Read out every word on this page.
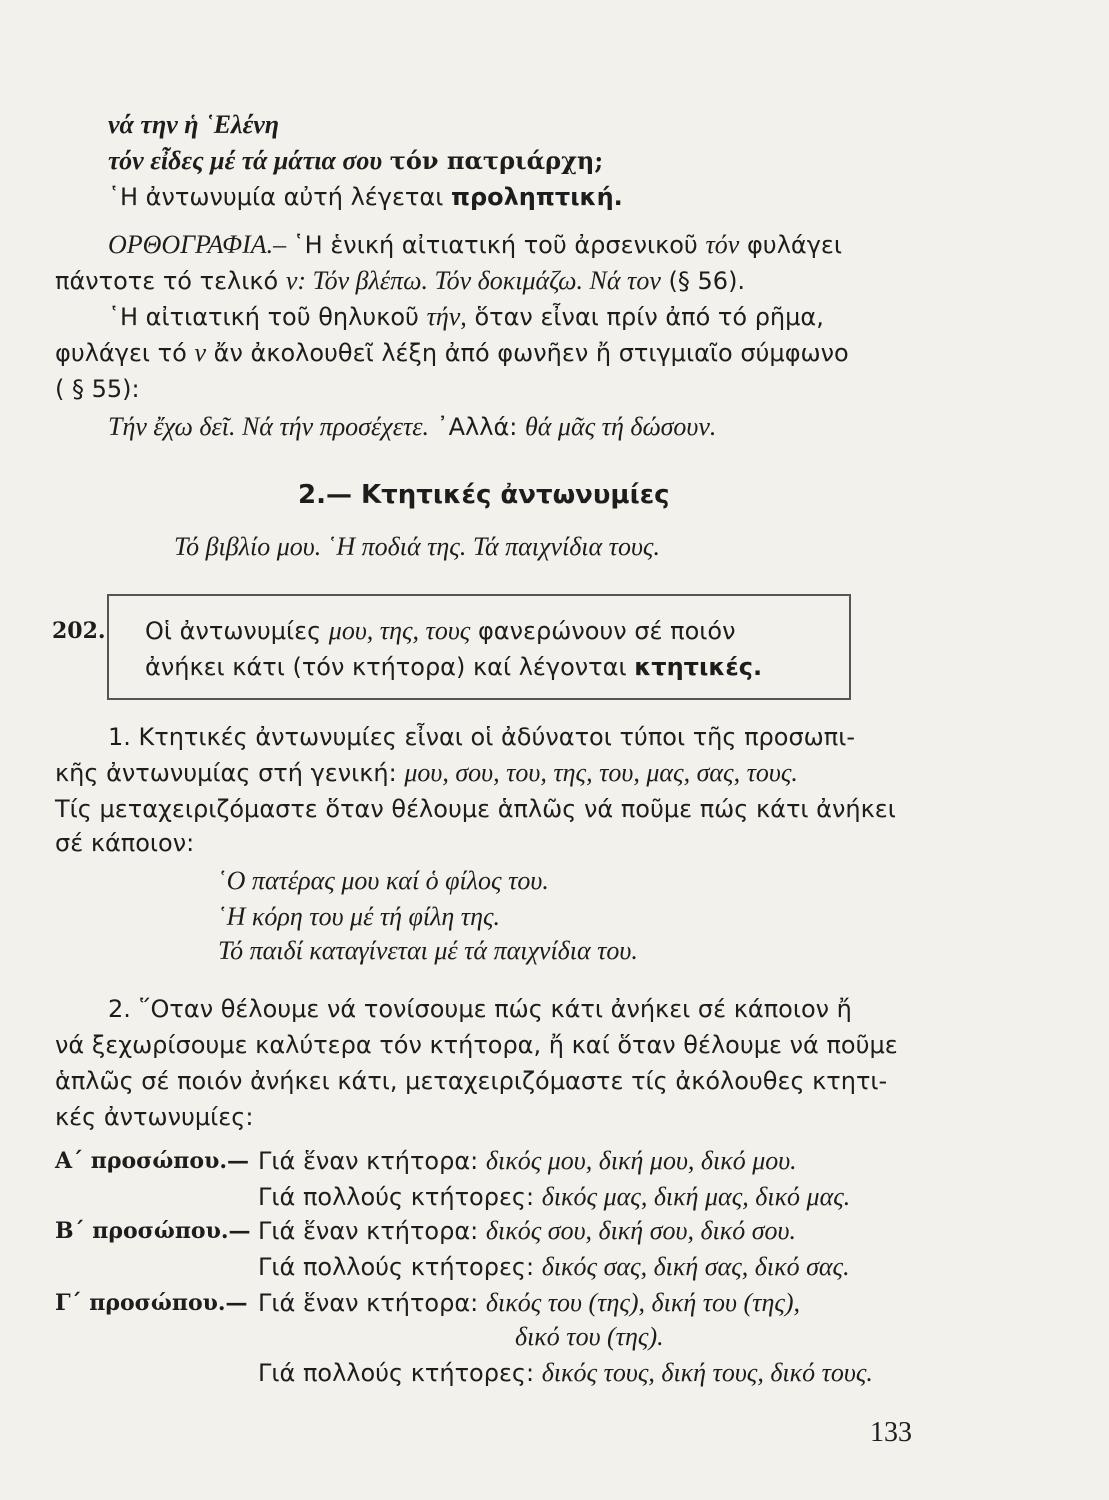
νά την ἡ ῾Ελένη
τόν εἶδες μέ τά μάτια σου τόν πατριάρχη;
῾Η ἀντωνυμία αὐτή λέγεται προληπτική.
ΟΡΘΟΓΡΑΦΙΑ.– ῾Η ἑνική αἰτιατική τοῦ ἀρσενικοῦ τόν φυλάγει
πάντοτε τό τελικό ν: Τόν βλέπω. Τόν δοκιμάζω. Νά τον (§ 56).
῾Η αἰτιατική τοῦ θηλυκοῦ τήν, ὅταν εἶναι πρίν ἀπό τό ρῆμα,
φυλάγει τό ν ἄν ἀκολουθεῖ λέξη ἀπό φωνῆεν ἤ στιγμιαῖο σύμφωνο
( § 55):
Τήν ἔχω δεῖ. Νά τήν προσέχετε. ᾿Αλλά: θά μᾶς τή δώσουν.
2.— Κτητικές ἀντωνυμίες
Τό βιβλίο μου. ῾Η ποδιά της. Τά παιχνίδια τους.
202. Οἱ ἀντωνυμίες μου, της, τους φανερώνουν σέ ποιόν
ἀνήκει κάτι (τόν κτήτορα) καί λέγονται κτητικές.
1. Κτητικές ἀντωνυμίες εἶναι οἱ ἀδύνατοι τύποι τῆς προσωπι-
κῆς ἀντωνυμίας στή γενική: μου, σου, του, της, του, μας, σας, τους.
Τίς μεταχειριζόμαστε ὅταν θέλουμε ἁπλῶς νά ποῦμε πώς κάτι ἀνήκει
σέ κάποιον:
῾Ο πατέρας μου καί ὁ φίλος του.
῾Η κόρη του μέ τή φίλη της.
Τό παιδί καταγίνεται μέ τά παιχνίδια του.
2. ῞Οταν θέλουμε νά τονίσουμε πώς κάτι ἀνήκει σέ κάποιον ἤ
νά ξεχωρίσουμε καλύτερα τόν κτήτορα, ἤ καί ὅταν θέλουμε νά ποῦμε
ἁπλῶς σέ ποιόν ἀνήκει κάτι, μεταχειριζόμαστε τίς ἀκόλουθες κτητι-
κές ἀντωνυμίες:
Α΄ προσώπου.— Γιά ἕναν κτήτορα: δικός μου, δική μου, δικό μου.
Γιά πολλούς κτήτορες: δικός μας, δική μας, δικό μας.
Β΄ προσώπου.— Γιά ἕναν κτήτορα: δικός σου, δική σου, δικό σου.
Γιά πολλούς κτήτορες: δικός σας, δική σας, δικό σας.
Γ΄ προσώπου.— Γιά ἕναν κτήτορα: δικός του (της), δική του (της),
δικό του (της).
Γιά πολλούς κτήτορες: δικός τους, δική τους, δικό τους.
133
